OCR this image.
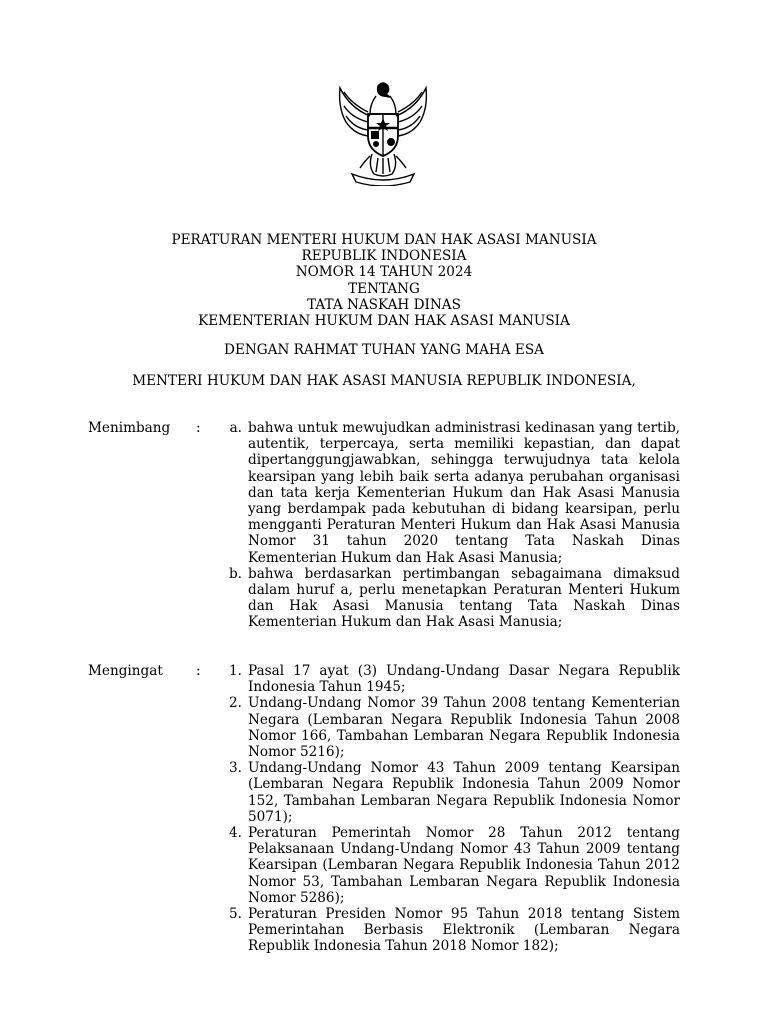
PERATURAN MENTERI HUKUM DAN HAK ASASI MANUSIA
REPUBLIK INDONESIA
NOMOR 14 TAHUN 2024
TENTANG
TATA NASKAH DINAS
KEMENTERIAN HUKUM DAN HAK ASASI MANUSIA
DENGAN RAHMAT TUHAN YANG MAHA ESA
MENTERI HUKUM DAN HAK ASASI MANUSIA REPUBLIK INDONESIA,
Menimbang	:	a. bahwa untuk mewujudkan administrasi kedinasan yang tertib, autentik, terpercaya, serta memiliki kepastian, dan dapat dipertanggungjawabkan, sehingga terwujudnya tata kelola kearsipan yang lebih baik serta adanya perubahan organisasi dan tata kerja Kementerian Hukum dan Hak Asasi Manusia yang berdampak pada kebutuhan di bidang kearsipan, perlu mengganti Peraturan Menteri Hukum dan Hak Asasi Manusia Nomor 31 tahun 2020 tentang Tata Naskah Dinas Kementerian Hukum dan Hak Asasi Manusia;
b. bahwa berdasarkan pertimbangan sebagaimana dimaksud dalam huruf a, perlu menetapkan Peraturan Menteri Hukum dan Hak Asasi Manusia tentang Tata Naskah Dinas Kementerian Hukum dan Hak Asasi Manusia;
Mengingat	:	1. Pasal 17 ayat (3) Undang-Undang Dasar Negara Republik Indonesia Tahun 1945;
2. Undang-Undang Nomor 39 Tahun 2008 tentang Kementerian Negara (Lembaran Negara Republik Indonesia Tahun 2008 Nomor 166, Tambahan Lembaran Negara Republik Indonesia Nomor 5216);
3. Undang-Undang Nomor 43 Tahun 2009 tentang Kearsipan (Lembaran Negara Republik Indonesia Tahun 2009 Nomor 152, Tambahan Lembaran Negara Republik Indonesia Nomor 5071);
4. Peraturan Pemerintah Nomor 28 Tahun 2012 tentang Pelaksanaan Undang-Undang Nomor 43 Tahun 2009 tentang Kearsipan (Lembaran Negara Republik Indonesia Tahun 2012 Nomor 53, Tambahan Lembaran Negara Republik Indonesia Nomor 5286);
5. Peraturan Presiden Nomor 95 Tahun 2018 tentang Sistem Pemerintahan Berbasis Elektronik (Lembaran Negara Republik Indonesia Tahun 2018 Nomor 182);
